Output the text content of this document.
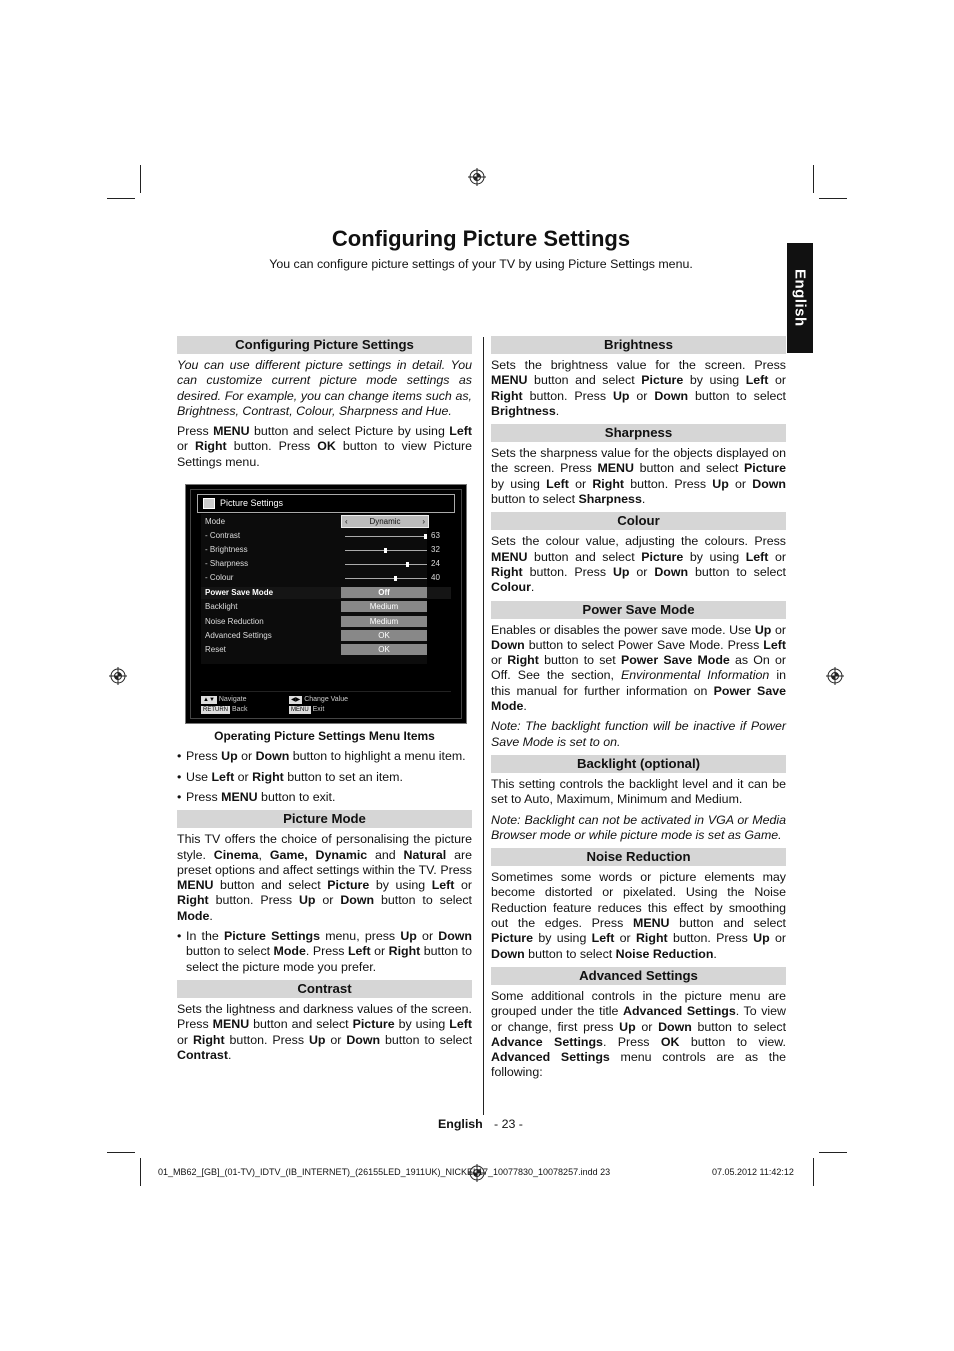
Configuring Picture Settings
You can configure picture settings of your TV by using Picture Settings menu.
English
Configuring Picture Settings

You can use different picture settings in detail. You can customize current picture mode settings as desired. For example, you can change items such as, Brightness, Contrast, Colour, Sharpness and Hue.

Press MENU button and select Picture by using Left or Right button. Press OK button to view Picture Settings menu.

Picture Settings
Mode	‹	Dynamic	›
- Contrast	63
- Brightness	32
- Sharpness	24
- Colour	40
Power Save Mode	Off
Backlight	Medium
Noise Reduction	Medium
Advanced Settings	OK
Reset	OK
▲▼ Navigate
RETURN Back
◀▶ Change Value
MENU Exit
Operating Picture Settings Menu Items
• Press Up or Down button to highlight a menu item.
• Use Left or Right button to set an item.
• Press MENU button to exit.
Picture Mode

This TV offers the choice of personalising the picture style. Cinema, Game, Dynamic and Natural are preset options and affect settings within the TV. Press MENU button and select Picture by using Left or Right button. Press Up or Down button to select Mode.

• In the Picture Settings menu, press Up or Down button to select Mode. Press Left or Right button to select the picture mode you prefer.
Contrast

Sets the lightness and darkness values of the screen. Press MENU button and select Picture by using Left or Right button. Press Up or Down button to select Contrast.

Brightness

Sets the brightness value for the screen. Press MENU button and select Picture by using Left or Right button. Press Up or Down button to select Brightness.

Sharpness

Sets the sharpness value for the objects displayed on the screen. Press MENU button and select Picture by using Left or Right button. Press Up or Down button to select Sharpness.

Colour

Sets the colour value, adjusting the colours. Press MENU button and select Picture by using Left or Right button. Press Up or Down button to select Colour.

Power Save Mode

Enables or disables the power save mode. Use Up or Down button to select Power Save Mode. Press Left or Right button to set Power Save Mode as On or Off. See the section, Environmental Information in this manual for further information on Power Save Mode.

Note: The backlight function will be inactive if Power Save Mode is set to on.

Backlight (optional)

This setting controls the backlight level and it can be set to Auto, Maximum, Minimum and Medium.

Note: Backlight can not be activated in VGA or Media Browser mode or while picture mode is set as Game.

Noise Reduction

Sometimes some words or picture elements may become distorted or pixelated. Using the Noise Reduction feature reduces this effect by smoothing out the edges. Press MENU button and select Picture by using Left or Right button. Press Up or Down button to select Noise Reduction.

Advanced Settings

Some additional controls in the picture menu are grouped under the title Advanced Settings. To view or change, first press Up or Down button to select Advance Settings. Press OK button to view. Advanced Settings menu controls are as the following:

English - 23 -
01_MB62_[GB]_(01-TV)_IDTV_(IB_INTERNET)_(26155LED_1911UK)_NICKEL17_10077830_10078257.indd 23	07.05.2012 11:42:12
